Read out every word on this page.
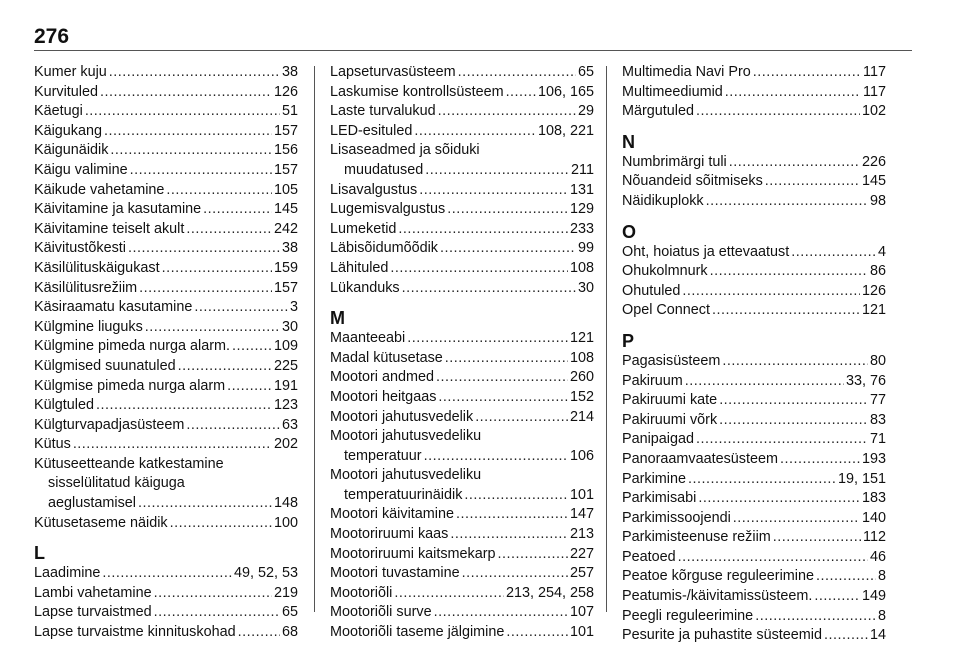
276
Kumer kuju .....	38
Kurvituled .....	126
Käetugi .....	51
Käigukang .....	157
Käigunäidik .....	156
Käigu valimine .....	157
Käikude vahetamine .....	105
Käivitamine ja kasutamine .....	145
Käivitamine teiselt akult .....	242
Käivitustõkesti .....	38
Käsilülituskäigukast .....	159
Käsilülitusrežiim .....	157
Käsiraamatu kasutamine .....	3
Külgmine liuguks .....	30
Külgmine pimeda nurga alarm. .....	109
Külgmised suunatuled .....	225
Külgmise pimeda nurga alarm .....	191
Külgtuled .....	123
Külgturvapadjasüsteem .....	63
Kütus .....	202
Kütuseetteande katkestamine
sisselülitatud käiguga
aeglustamisel .....	148
Kütusetaseme näidik .....	100
L
Laadimine .....	49, 52, 53
Lambi vahetamine .....	219
Lapse turvaistmed .....	65
Lapse turvaistme kinnituskohad .....	68
Lapseturvasüsteem .....	65
Laskumise kontrollsüsteem ..... 106, 165
Laste turvalukud .....	29
LED-esituled .....	108, 221
Lisaseadmed ja sõiduki
muudatused .....	211
Lisavalgustus .....	131
Lugemisvalgustus .....	129
Lumeketid .....	233
Läbisõidumõõdik .....	99
Lähituled .....	108
Lükanduks .....	30
M
Maanteeabi .....	121
Madal kütusetase .....	108
Mootori andmed .....	260
Mootori heitgaas .....	152
Mootori jahutusvedelik .....	214
Mootori jahutusvedeliku
temperatuur .....	106
Mootori jahutusvedeliku
temperatuurinäidik .....	101
Mootori käivitamine .....	147
Mootoriruumi kaas .....	213
Mootoriruumi kaitsmekarp .....	227
Mootori tuvastamine .....	257
Mootoriõli .....	213, 254, 258
Mootoriõli surve .....	107
Mootoriõli taseme jälgimine .....	101
Multimedia Navi Pro .....	117
Multimeediumid .....	117
Märgutuled .....	102
N
Numbrimärgi tuli .....	226
Nõuandeid sõitmiseks .....	145
Näidikuplokk .....	98
O
Oht, hoiatus ja ettevaatust .....	4
Ohukolmnurk .....	86
Ohutuled .....	126
Opel Connect .....	121
P
Pagasisüsteem .....	80
Pakiruum .....	33, 76
Pakiruumi kate .....	77
Pakiruumi võrk .....	83
Panipaigad .....	71
Panoraamvaatesüsteem .....	193
Parkimine .....	19, 151
Parkimisabi .....	183
Parkimissoojendi .....	140
Parkimisteenuse režiim .....	112
Peatoed .....	46
Peatoe kõrguse reguleerimine .....	8
Peatumis-/käivitamissüsteem. .....	149
Peegli reguleerimine .....	8
Pesurite ja puhastite süsteemid .....	14
